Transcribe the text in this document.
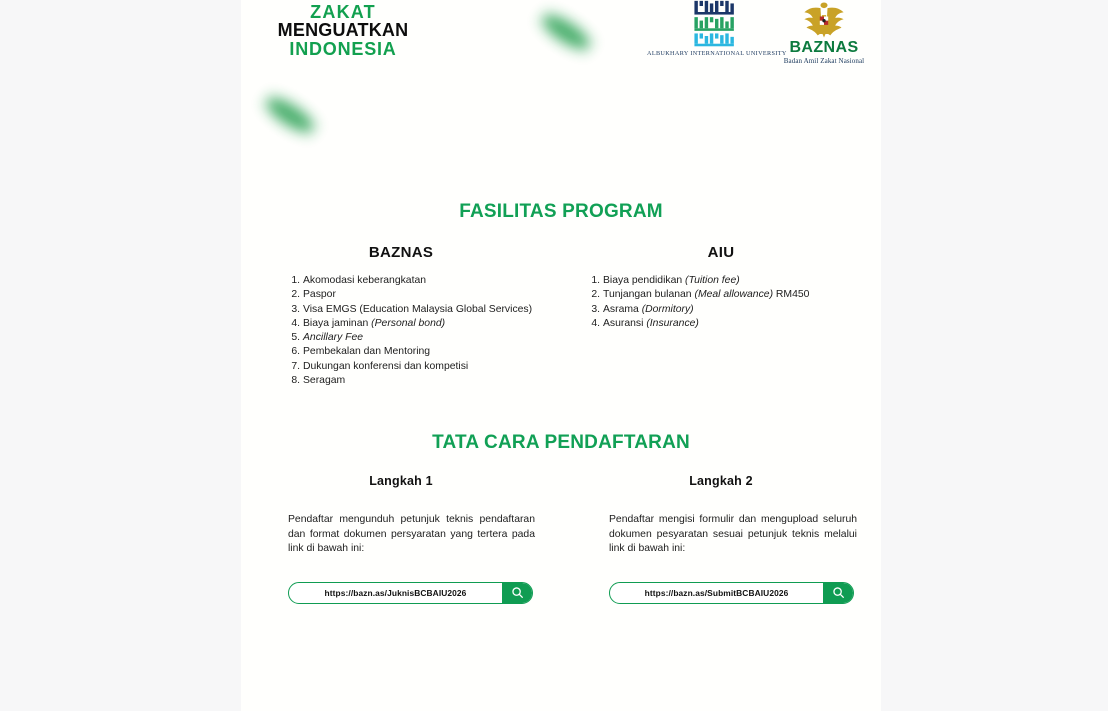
ZAKAT
MENGUATKAN
INDONESIA	ALBUKHARY INTERNATIONAL UNIVERSITY BAZNAS
Badan Amil Zakat Nasional
FASILITAS PROGRAM
BAZNAS
Akomodasi keberangkatan
Paspor
Visa EMGS (Education Malaysia Global Services)
Biaya jaminan (Personal bond)
Ancillary Fee
Pembekalan dan Mentoring
Dukungan konferensi dan kompetisi
Seragam
AIU
Biaya pendidikan (Tuition fee)
Tunjangan bulanan (Meal allowance) RM450
Asrama (Dormitory)
Asuransi (Insurance)
TATA CARA PENDAFTARAN
Langkah 1
Pendaftar mengunduh petunjuk teknis pendaftaran dan format dokumen persyaratan yang tertera pada link di bawah ini:
https://bazn.as/JuknisBCBAIU2026
Langkah 2
Pendaftar mengisi formulir dan mengupload seluruh dokumen pesyaratan sesuai petunjuk teknis melalui link di bawah ini:
https://bazn.as/SubmitBCBAIU2026
